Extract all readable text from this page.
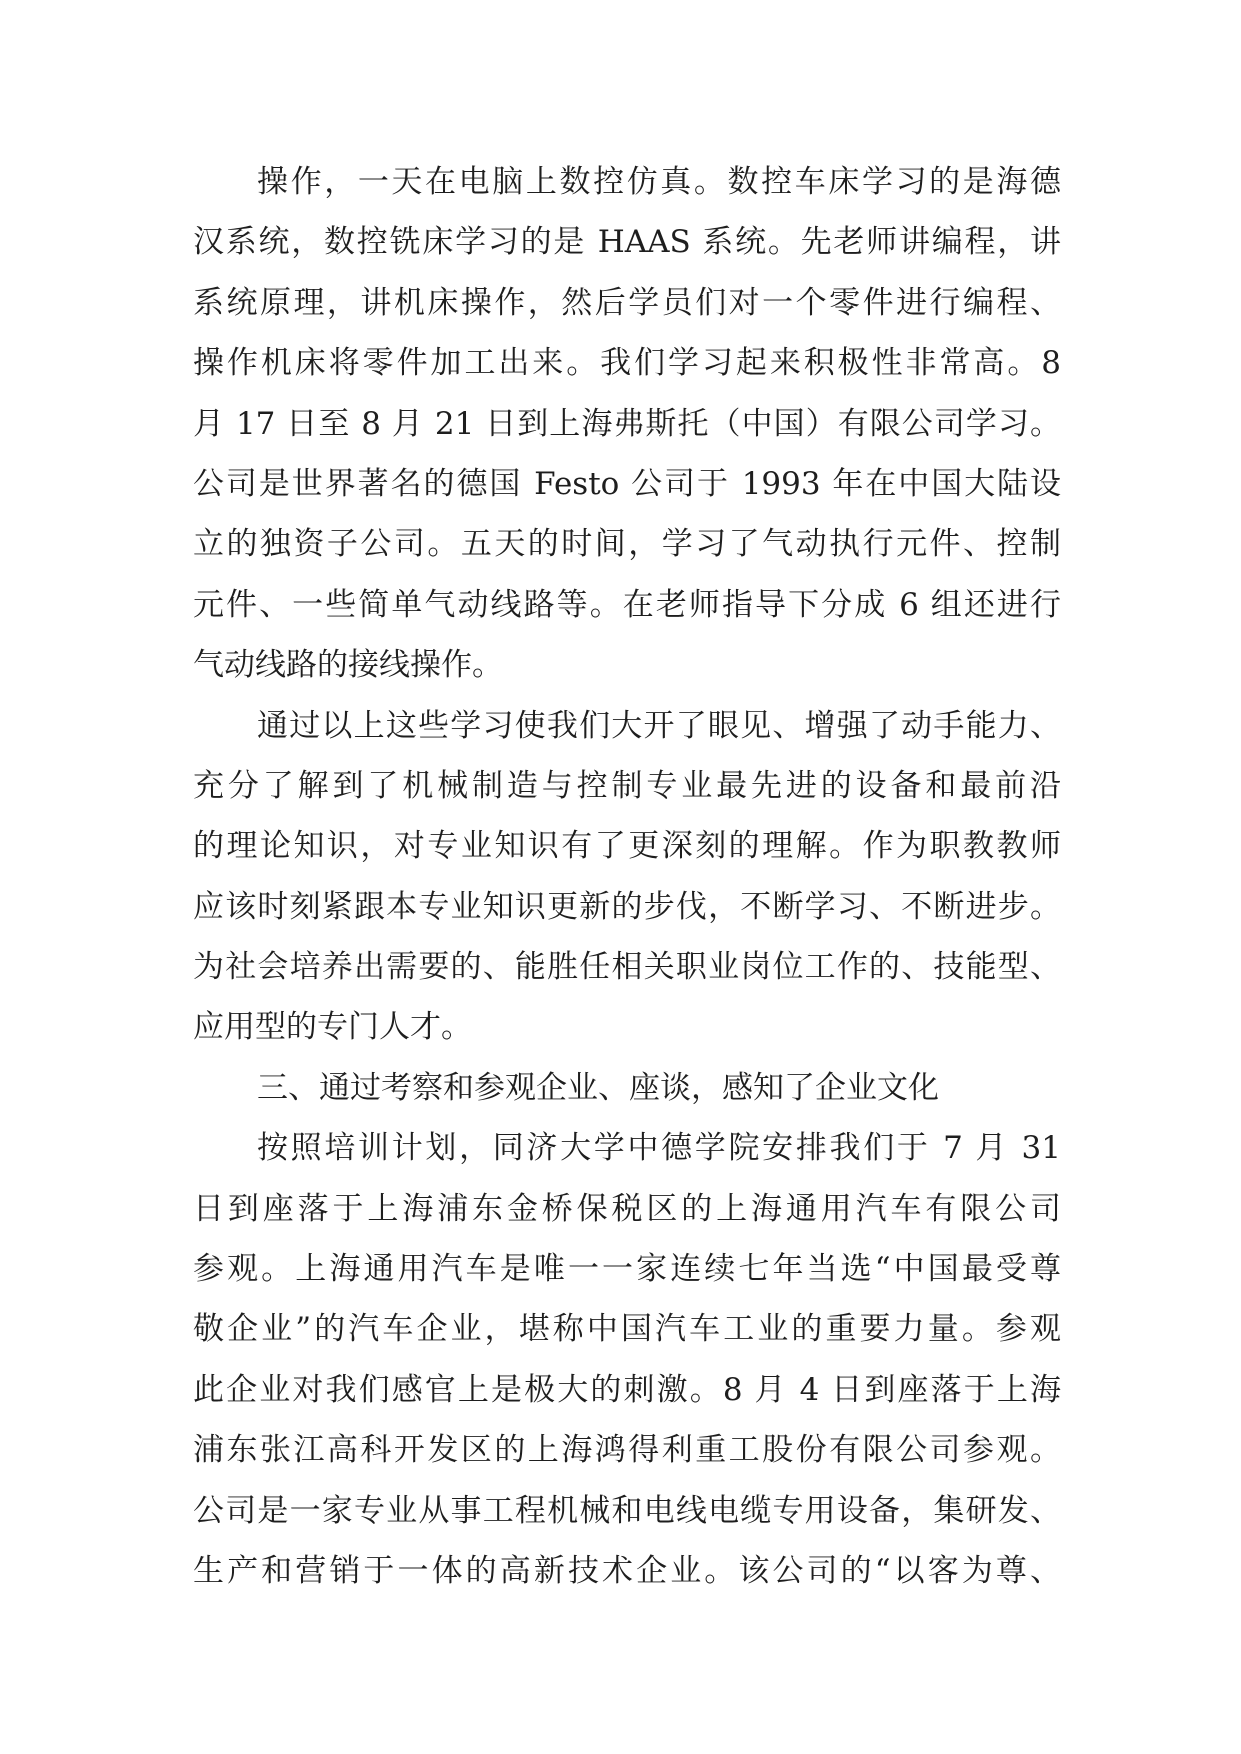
操作，一天在电脑上数控仿真。数控车床学习的是海德
汉系统，数控铣床学习的是 HAAS 系统。先老师讲编程，讲
系统原理，讲机床操作，然后学员们对一个零件进行编程、
操作机床将零件加工出来。我们学习起来积极性非常高。8
月 17 日至 8 月 21 日到上海弗斯托（中国）有限公司学习。
公司是世界著名的德国 Festo 公司于 1993 年在中国大陆设
立的独资子公司。五天的时间，学习了气动执行元件、控制
元件、一些简单气动线路等。在老师指导下分成 6 组还进行
气动线路的接线操作。
通过以上这些学习使我们大开了眼见、增强了动手能力、
充分了解到了机械制造与控制专业最先进的设备和最前沿
的理论知识，对专业知识有了更深刻的理解。作为职教教师
应该时刻紧跟本专业知识更新的步伐，不断学习、不断进步。
为社会培养出需要的、能胜任相关职业岗位工作的、技能型、
应用型的专门人才。
三、通过考察和参观企业、座谈，感知了企业文化
按照培训计划，同济大学中德学院安排我们于 7 月 31
日到座落于上海浦东金桥保税区的上海通用汽车有限公司
参观。上海通用汽车是唯一一家连续七年当选“中国最受尊
敬企业”的汽车企业，堪称中国汽车工业的重要力量。参观
此企业对我们感官上是极大的刺激。8 月 4 日到座落于上海
浦东张江高科开发区的上海鸿得利重工股份有限公司参观。
公司是一家专业从事工程机械和电线电缆专用设备，集研发、
生产和营销于一体的高新技术企业。该公司的“以客为尊、
